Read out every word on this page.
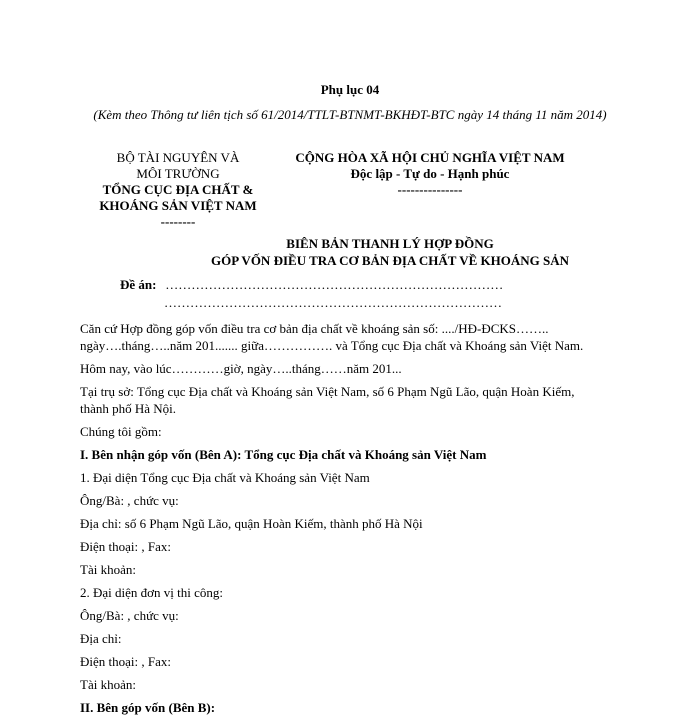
Phụ lục 04
(Kèm theo Thông tư liên tịch số 61/2014/TTLT-BTNMT-BKHĐT-BTC ngày 14 tháng 11 năm 2014)
BỘ TÀI NGUYÊN VÀ
MÔI TRƯỜNG
TỔNG CỤC ĐỊA CHẤT &
KHOÁNG SẢN VIỆT NAM
--------
CỘNG HÒA XÃ HỘI CHỦ NGHĨA VIỆT NAM
Độc lập - Tự do - Hạnh phúc
---------------
BIÊN BẢN THANH LÝ HỢP ĐỒNG
GÓP VỐN ĐIỀU TRA CƠ BẢN ĐỊA CHẤT VỀ KHOÁNG SẢN
Đề án: ……………………………………………………………………
……………………………………………………………………

Căn cứ Hợp đồng góp vốn điều tra cơ bản địa chất về khoáng sản số: ..../HĐ-ĐCKS……..

ngày….tháng…..năm 201....... giữa……………. và Tổng cục Địa chất và Khoáng sản Việt Nam.

Hôm nay, vào lúc…………giờ, ngày…..tháng……năm 201...

Tại trụ sở: Tổng cục Địa chất và Khoáng sản Việt Nam, số 6 Phạm Ngũ Lão, quận Hoàn Kiếm,

thành phố Hà Nội.

Chúng tôi gồm:

I. Bên nhận góp vốn (Bên A): Tổng cục Địa chất và Khoáng sản Việt Nam

1. Đại diện Tổng cục Địa chất và Khoáng sản Việt Nam

Ông/Bà: , chức vụ:

Địa chỉ: số 6 Phạm Ngũ Lão, quận Hoàn Kiếm, thành phố Hà Nội

Điện thoại: , Fax:

Tài khoản:

2. Đại diện đơn vị thi công:

Ông/Bà: , chức vụ:

Địa chỉ:

Điện thoại: , Fax:

Tài khoản:

II. Bên góp vốn (Bên B):
